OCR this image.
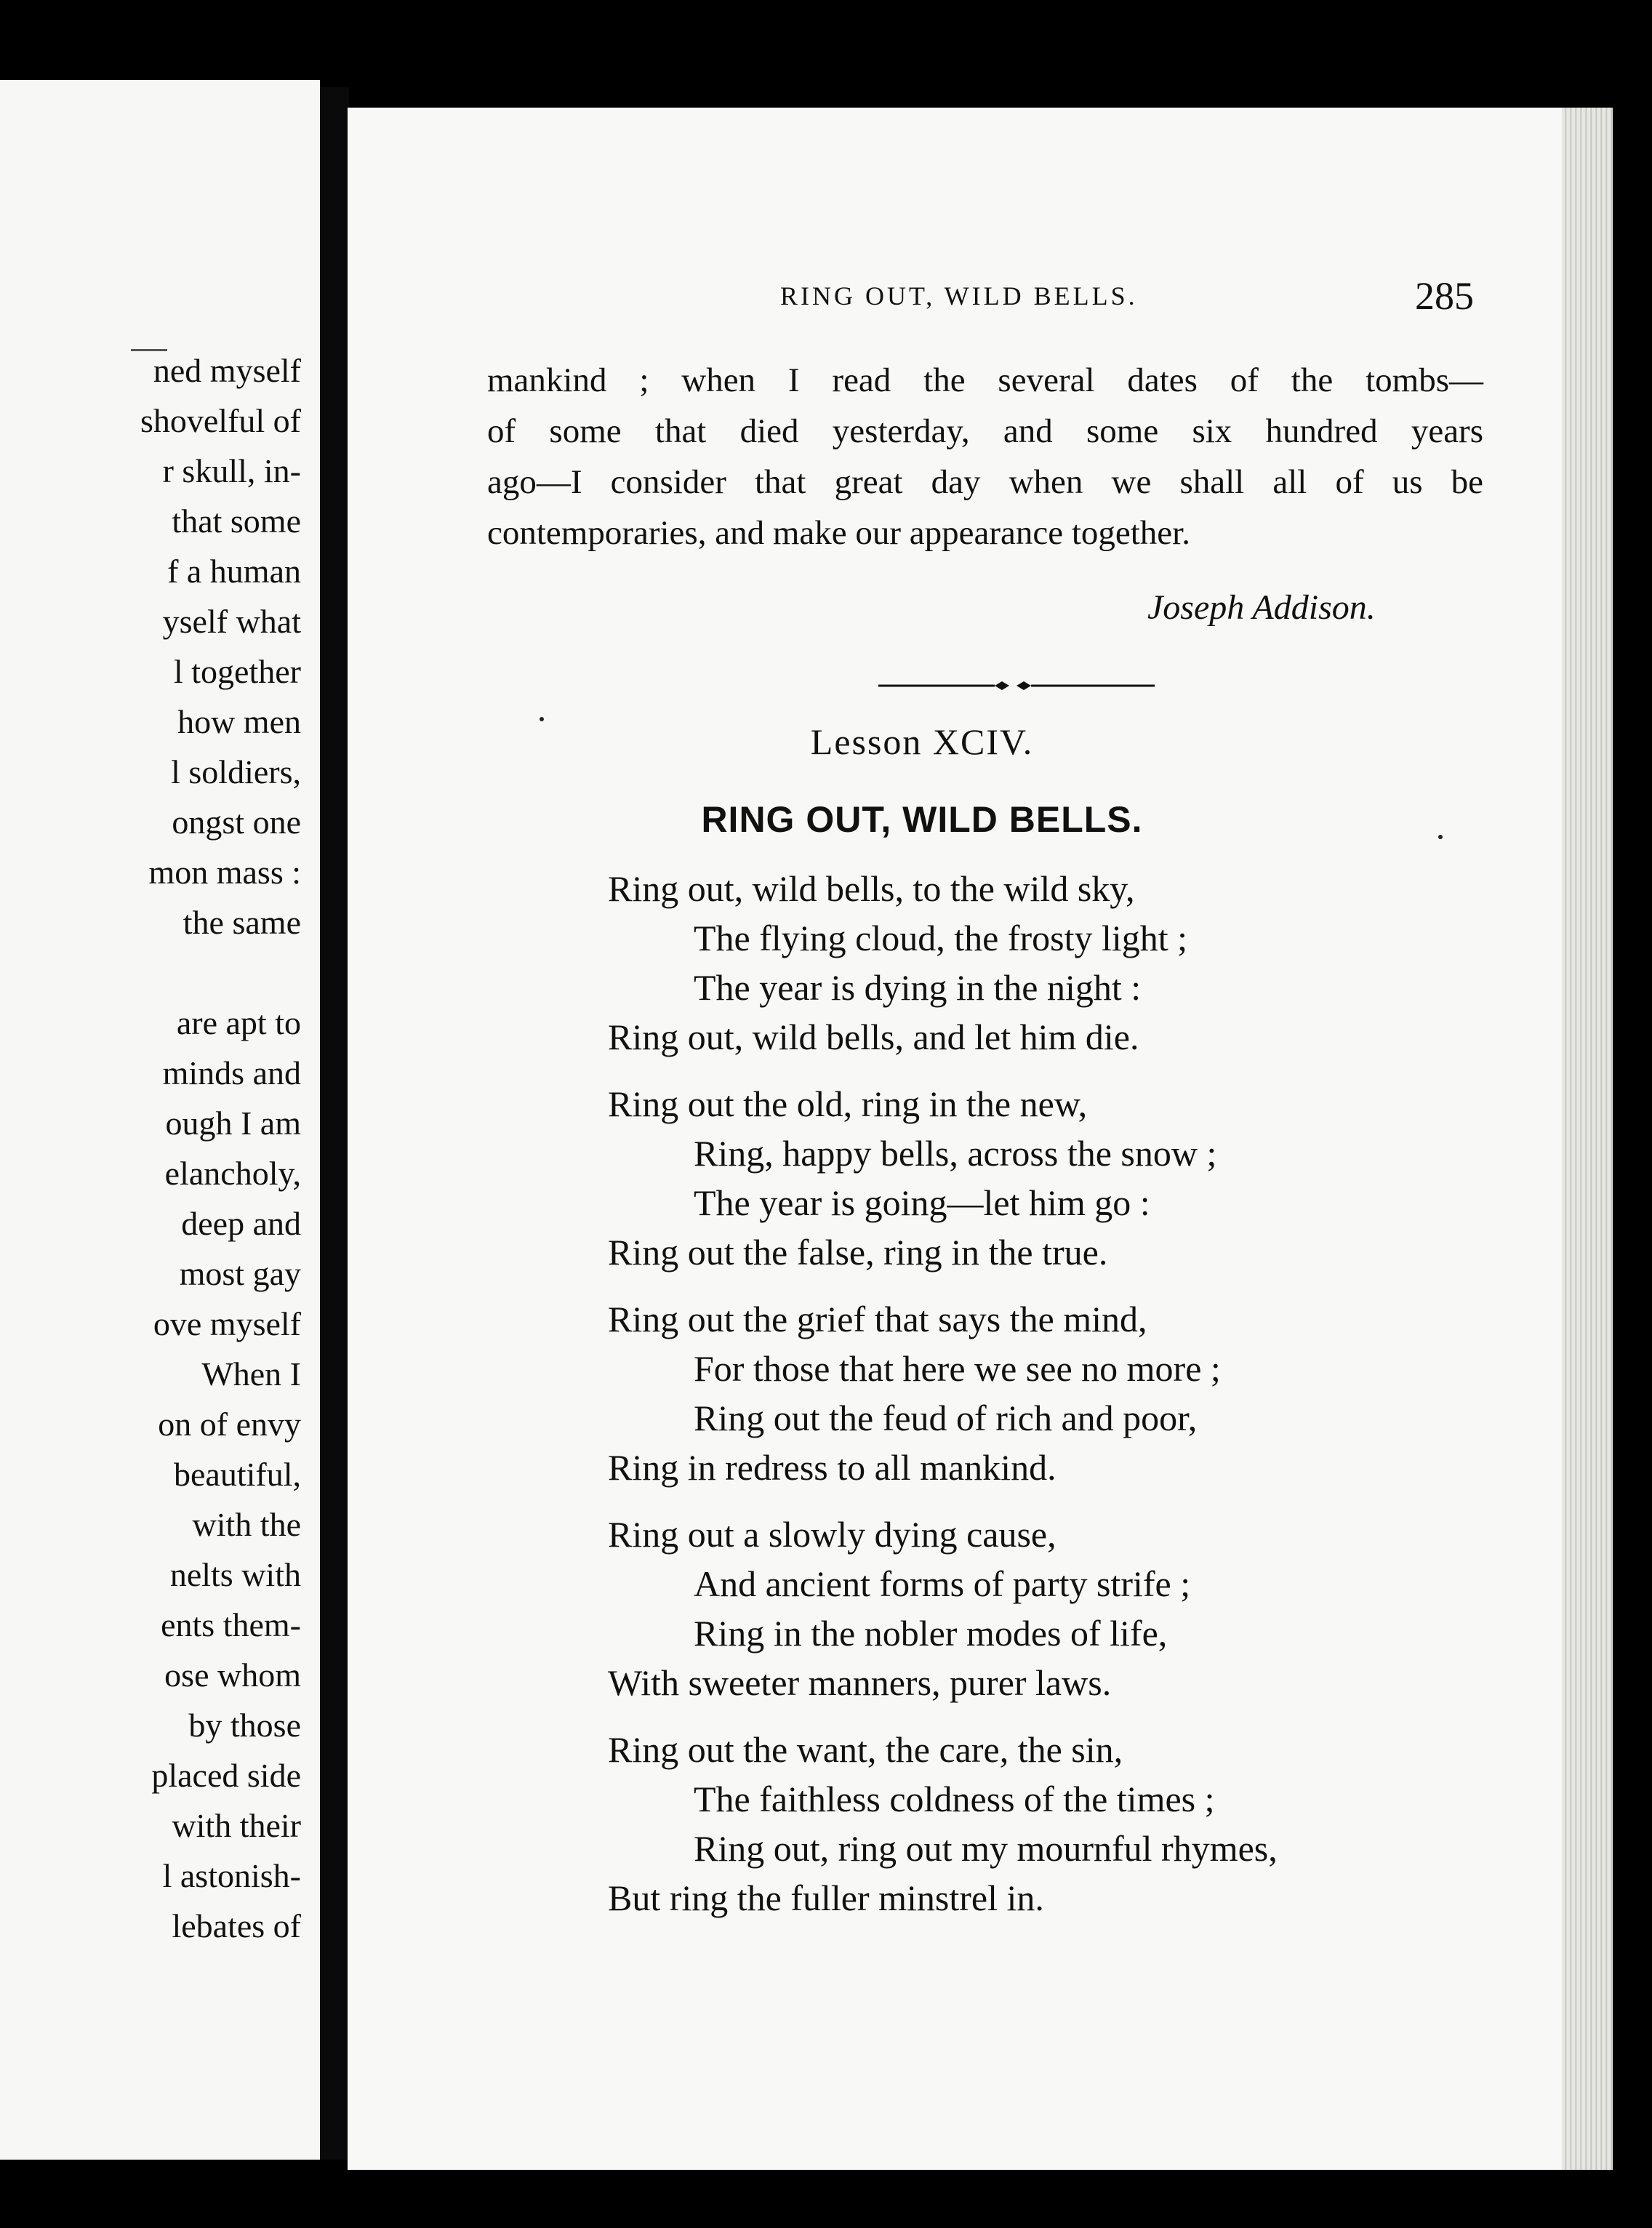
ned myself
shovelful of
r skull, in-
that some
f a human
yself what
l together
how men
l soldiers,
ongst one
mon mass :
the same
are apt to
minds and
ough I am
elancholy,
deep and
most gay
ove myself
When I
on of envy
beautiful,
with the
nelts with
ents them-
ose whom
by those
placed side
with their
l astonish-
lebates of
RING OUT, WILD BELLS.	285
mankind ; when I read the several dates of the tombs—
of some that died yesterday, and some six hundred years
ago—I consider that great day when we shall all of us be
contemporaries, and make our appearance together.
Joseph Addison.
Lesson XCIV.
RING OUT, WILD BELLS.
Ring out, wild bells, to the wild sky,
The flying cloud, the frosty light ;
The year is dying in the night :
Ring out, wild bells, and let him die.
Ring out the old, ring in the new,
Ring, happy bells, across the snow ;
The year is going—let him go :
Ring out the false, ring in the true.
Ring out the grief that says the mind,
For those that here we see no more ;
Ring out the feud of rich and poor,
Ring in redress to all mankind.
Ring out a slowly dying cause,
And ancient forms of party strife ;
Ring in the nobler modes of life,
With sweeter manners, purer laws.
Ring out the want, the care, the sin,
The faithless coldness of the times ;
Ring out, ring out my mournful rhymes,
But ring the fuller minstrel in.
